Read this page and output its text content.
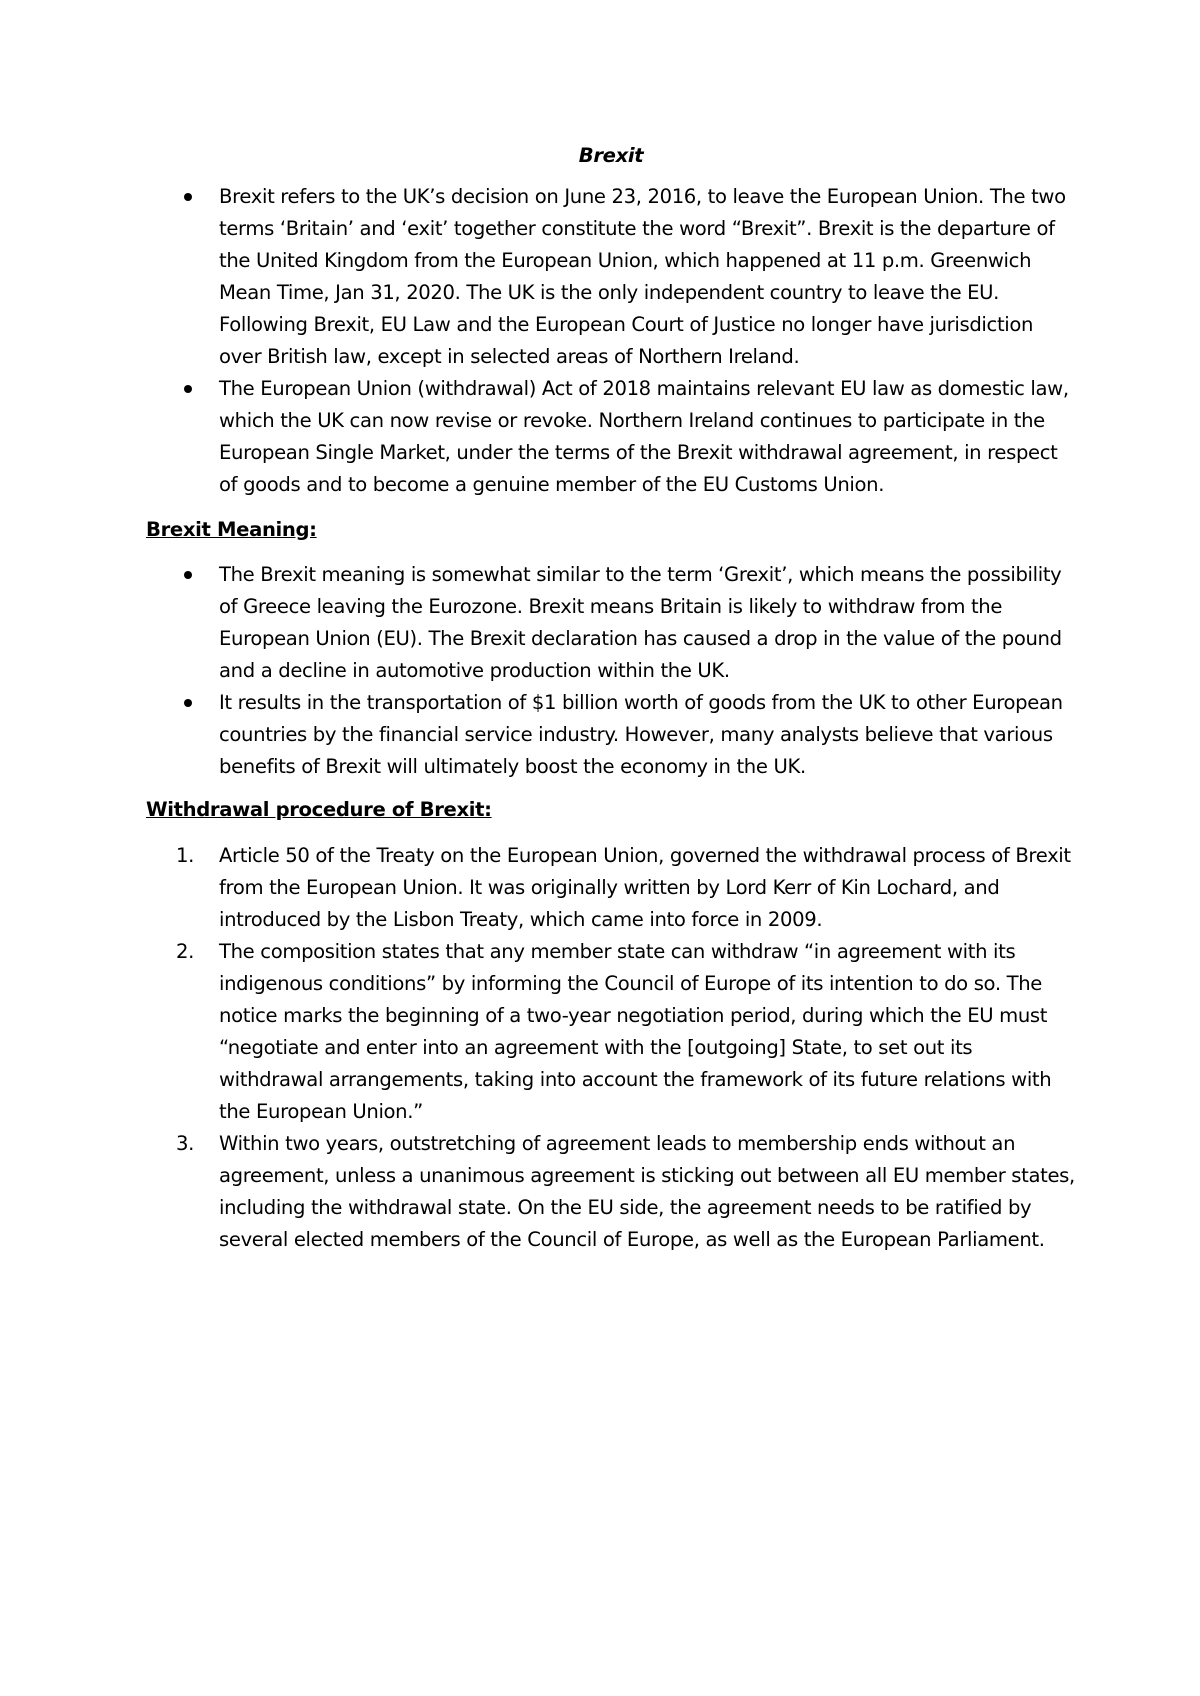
Brexit
Brexit refers to the UK’s decision on June 23, 2016, to leave the European Union. The two terms ‘Britain’ and ‘exit’ together constitute the word “Brexit”. Brexit is the departure of the United Kingdom from the European Union, which happened at 11 p.m. Greenwich Mean Time, Jan 31, 2020. The UK is the only independent country to leave the EU. Following Brexit, EU Law and the European Court of Justice no longer have jurisdiction over British law, except in selected areas of Northern Ireland.
The European Union (withdrawal) Act of 2018 maintains relevant EU law as domestic law, which the UK can now revise or revoke. Northern Ireland continues to participate in the European Single Market, under the terms of the Brexit withdrawal agreement, in respect of goods and to become a genuine member of the EU Customs Union.
Brexit Meaning:
The Brexit meaning is somewhat similar to the term ‘Grexit’, which means the possibility of Greece leaving the Eurozone. Brexit means Britain is likely to withdraw from the European Union (EU). The Brexit declaration has caused a drop in the value of the pound and a decline in automotive production within the UK.
It results in the transportation of $1 billion worth of goods from the UK to other European countries by the financial service industry. However, many analysts believe that various benefits of Brexit will ultimately boost the economy in the UK.
Withdrawal procedure of Brexit:
1. Article 50 of the Treaty on the European Union, governed the withdrawal process of Brexit from the European Union. It was originally written by Lord Kerr of Kin Lochard, and introduced by the Lisbon Treaty, which came into force in 2009.
2. The composition states that any member state can withdraw “in agreement with its indigenous conditions” by informing the Council of Europe of its intention to do so. The notice marks the beginning of a two-year negotiation period, during which the EU must “negotiate and enter into an agreement with the [outgoing] State, to set out its withdrawal arrangements, taking into account the framework of its future relations with the European Union.”
3. Within two years, outstretching of agreement leads to membership ends without an agreement, unless a unanimous agreement is sticking out between all EU member states, including the withdrawal state. On the EU side, the agreement needs to be ratified by several elected members of the Council of Europe, as well as the European Parliament.
